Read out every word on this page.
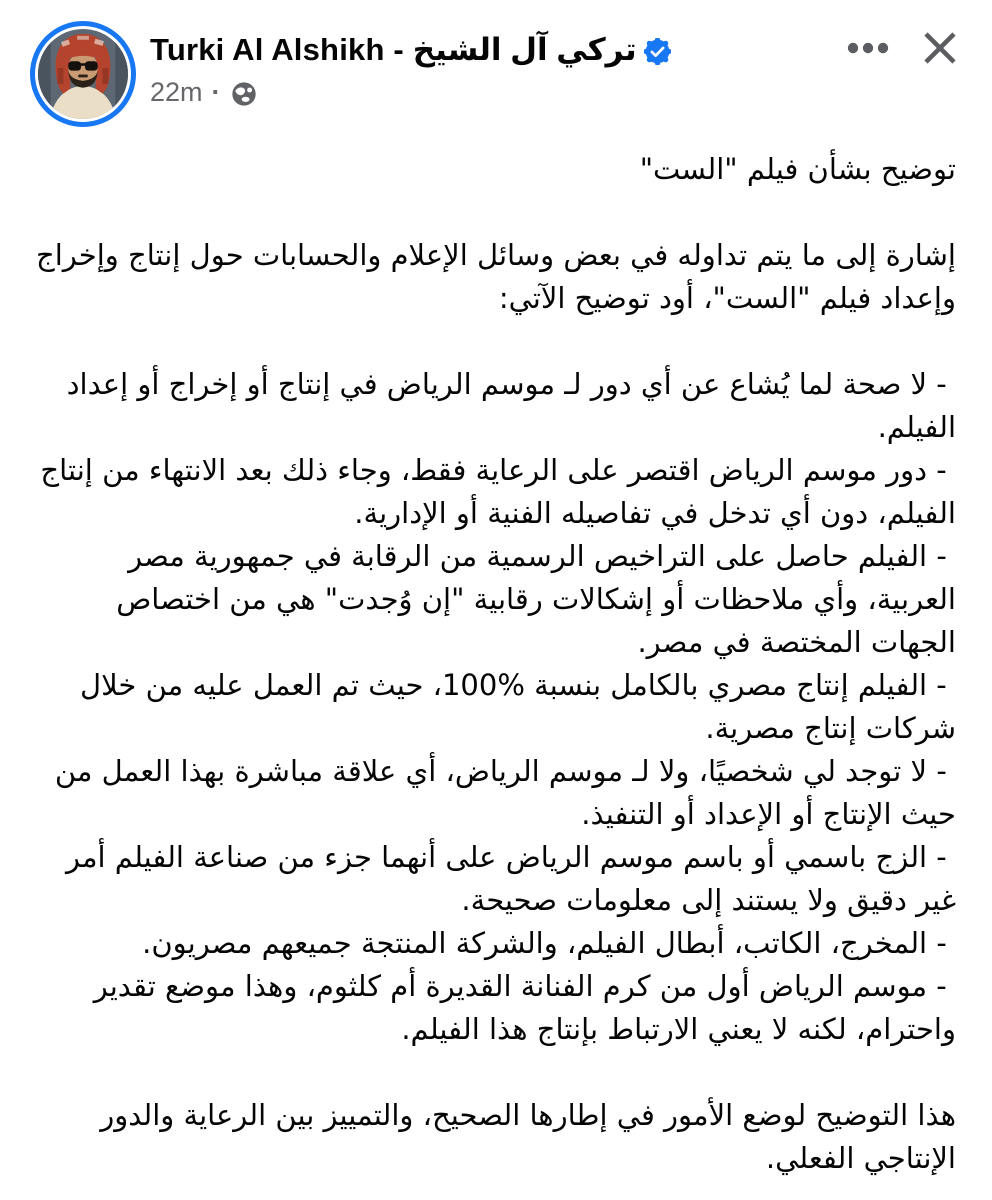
Turki Al Alshikh - تركي آل الشيخ
22m ·

توضيح بشأن فيلم "الست"

إشارة إلى ما يتم تداوله في بعض وسائل الإعلام والحسابات حول إنتاج وإخراج وإعداد فيلم "الست"، أود توضيح الآتي:

- لا صحة لما يُشاع عن أي دور لـ موسم الرياض في إنتاج أو إخراج أو إعداد الفيلم.

- دور موسم الرياض اقتصر على الرعاية فقط، وجاء ذلك بعد الانتهاء من إنتاج الفيلم، دون أي تدخل في تفاصيله الفنية أو الإدارية.

- الفيلم حاصل على التراخيص الرسمية من الرقابة في جمهورية مصر العربية، وأي ملاحظات أو إشكالات رقابية "إن وُجدت" هي من اختصاص الجهات المختصة في مصر.

- الفيلم إنتاج مصري بالكامل بنسبة %100، حيث تم العمل عليه من خلال شركات إنتاج مصرية.

- لا توجد لي شخصيًا، ولا لـ موسم الرياض، أي علاقة مباشرة بهذا العمل من حيث الإنتاج أو الإعداد أو التنفيذ.

- الزج باسمي أو باسم موسم الرياض على أنهما جزء من صناعة الفيلم أمر غير دقيق ولا يستند إلى معلومات صحيحة.

- المخرج، الكاتب، أبطال الفيلم، والشركة المنتجة جميعهم مصريون.

- موسم الرياض أول من كرم الفنانة القديرة أم كلثوم، وهذا موضع تقدير واحترام، لكنه لا يعني الارتباط بإنتاج هذا الفيلم.

هذا التوضيح لوضع الأمور في إطارها الصحيح، والتمييز بين الرعاية والدور الإنتاجي الفعلي.
